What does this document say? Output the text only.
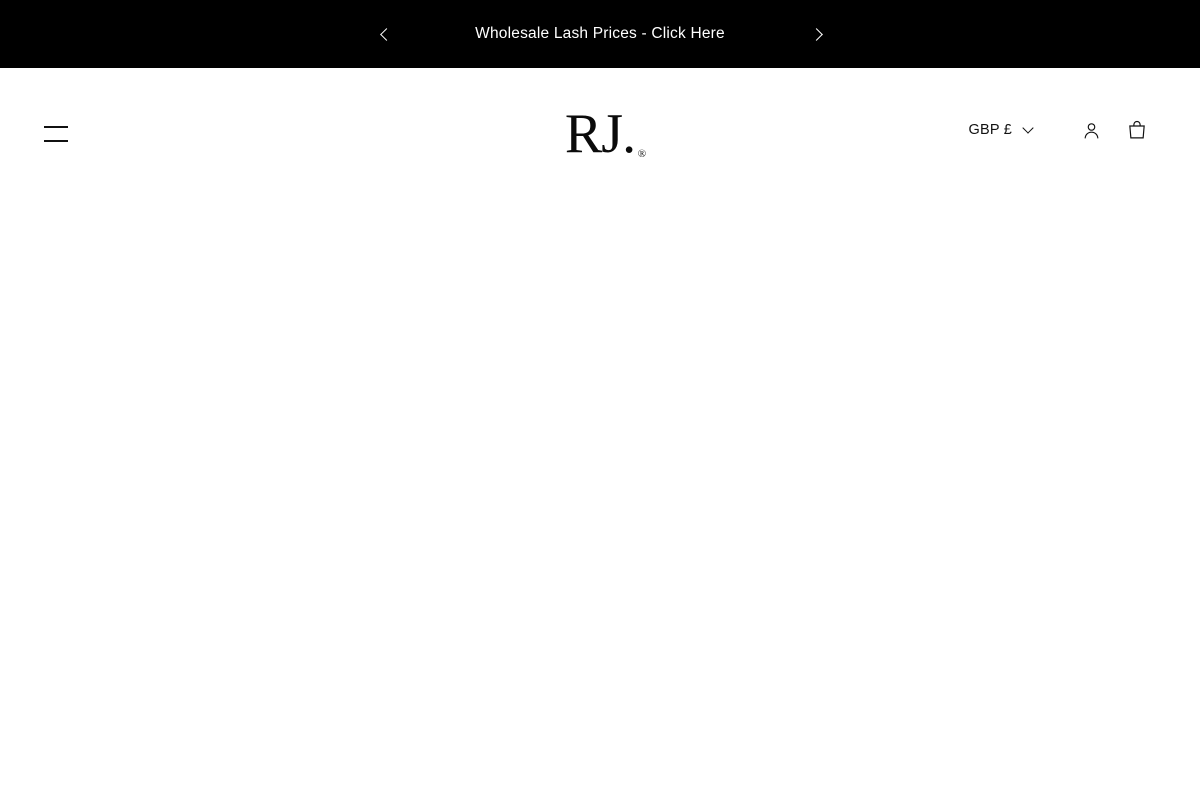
Wholesale Lash Prices - Click Here
RJ. ®
GBP £
